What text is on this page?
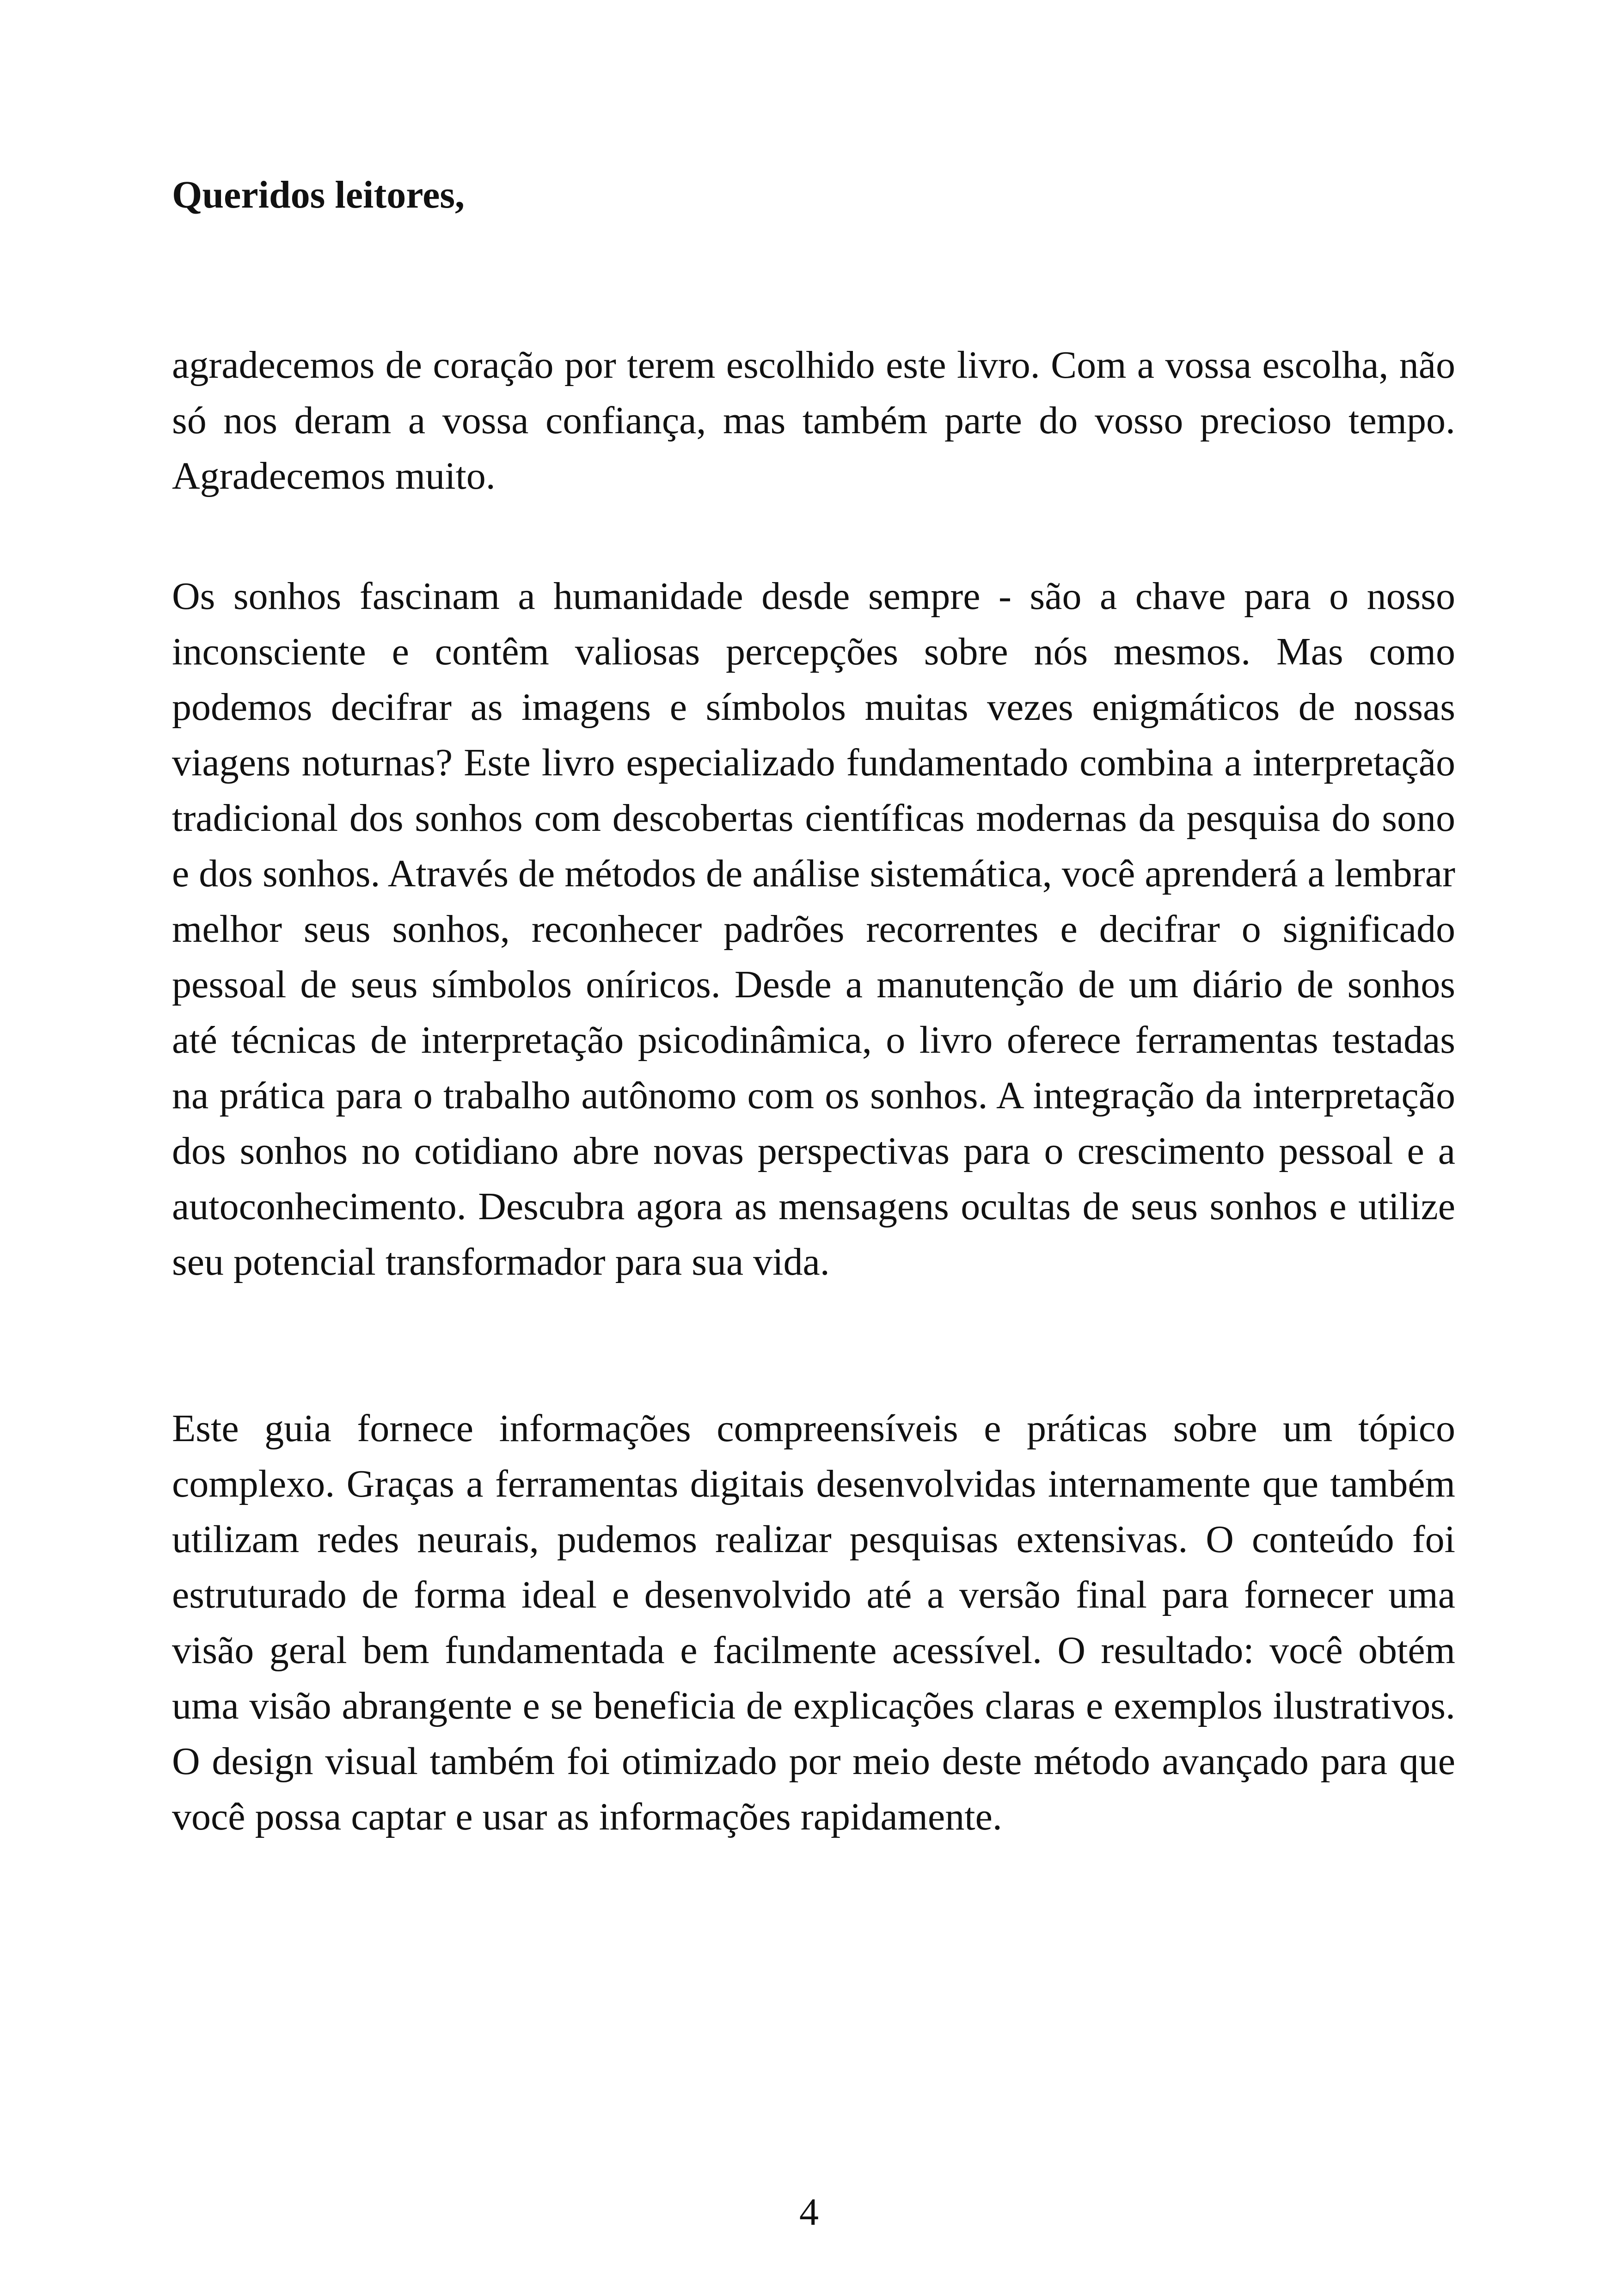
Queridos leitores,

agradecemos de coração por terem escolhido este livro. Com a vossa escolha, não só nos deram a vossa confiança, mas também parte do vosso precioso tempo. Agradecemos muito.

Os sonhos fascinam a humanidade desde sempre - são a chave para o nosso inconsciente e contêm valiosas percepções sobre nós mesmos. Mas como podemos decifrar as imagens e símbolos muitas vezes enigmáticos de nossas viagens noturnas? Este livro especializado fundamentado combina a interpretação tradicional dos sonhos com descobertas científicas modernas da pesquisa do sono e dos sonhos. Através de métodos de análise sistemática, você aprenderá a lembrar melhor seus sonhos, reconhecer padrões recorrentes e decifrar o significado pessoal de seus símbolos oníricos. Desde a manutenção de um diário de sonhos até técnicas de interpretação psicodinâmica, o livro oferece ferramentas testadas na prática para o trabalho autônomo com os sonhos. A integração da interpretação dos sonhos no cotidiano abre novas perspectivas para o crescimento pessoal e a autoconhecimento. Descubra agora as mensagens ocultas de seus sonhos e utilize seu potencial transformador para sua vida.

Este guia fornece informações compreensíveis e práticas sobre um tópico complexo. Graças a ferramentas digitais desenvolvidas internamente que também utilizam redes neurais, pudemos realizar pesquisas extensivas. O conteúdo foi estruturado de forma ideal e desenvolvido até a versão final para fornecer uma visão geral bem fundamentada e facilmente acessível. O resultado: você obtém uma visão abrangente e se beneficia de explicações claras e exemplos ilustrativos. O design visual também foi otimizado por meio deste método avançado para que você possa captar e usar as informações rapidamente.

4
